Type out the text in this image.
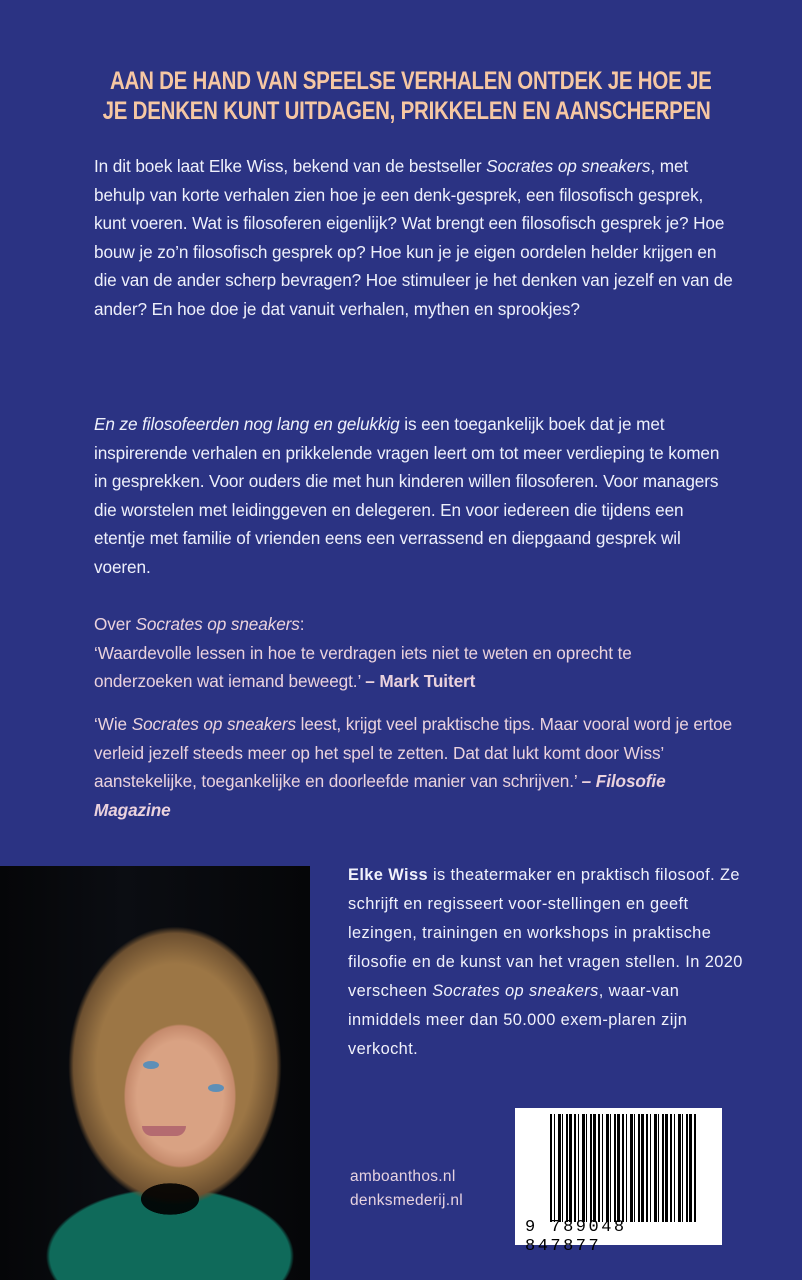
AAN DE HAND VAN SPEELSE VERHALEN ONTDEK JE HOE JE
JE DENKEN KUNT UITDAGEN, PRIKKELEN EN AANSCHERPEN

In dit boek laat Elke Wiss, bekend van de bestseller Socrates op sneakers, met behulp van korte verhalen zien hoe je een denk-gesprek, een filosofisch gesprek, kunt voeren. Wat is filosoferen eigenlijk? Wat brengt een filosofisch gesprek je? Hoe bouw je zo’n filosofisch gesprek op? Hoe kun je je eigen oordelen helder krijgen en die van de ander scherp bevragen? Hoe stimuleer je het denken van jezelf en van de ander? En hoe doe je dat vanuit verhalen, mythen en sprookjes?

En ze filosofeerden nog lang en gelukkig is een toegankelijk boek dat je met inspirerende verhalen en prikkelende vragen leert om tot meer verdieping te komen in gesprekken. Voor ouders die met hun kinderen willen filosoferen. Voor managers die worstelen met leidinggeven en delegeren. En voor iedereen die tijdens een etentje met familie of vrienden eens een verrassend en diepgaand gesprek wil voeren.

Over Socrates op sneakers:

‘Waardevolle lessen in hoe te verdragen iets niet te weten en oprecht te onderzoeken wat iemand beweegt.’ – Mark Tuitert

‘Wie Socrates op sneakers leest, krijgt veel praktische tips. Maar vooral word je ertoe verleid jezelf steeds meer op het spel te zetten. Dat dat lukt komt door Wiss’ aanstekelijke, toegankelijke en doorleefde manier van schrijven.’ – Filosofie Magazine

Elke Wiss is theatermaker en praktisch filosoof. Ze schrijft en regisseert voor-stellingen en geeft lezingen, trainingen en workshops in praktische filosofie en de kunst van het vragen stellen. In 2020 verscheen Socrates op sneakers, waar-van inmiddels meer dan 50.000 exem-plaren zijn verkocht.
amboanthos.nl
denksmederij.nl
9 789048 847877
